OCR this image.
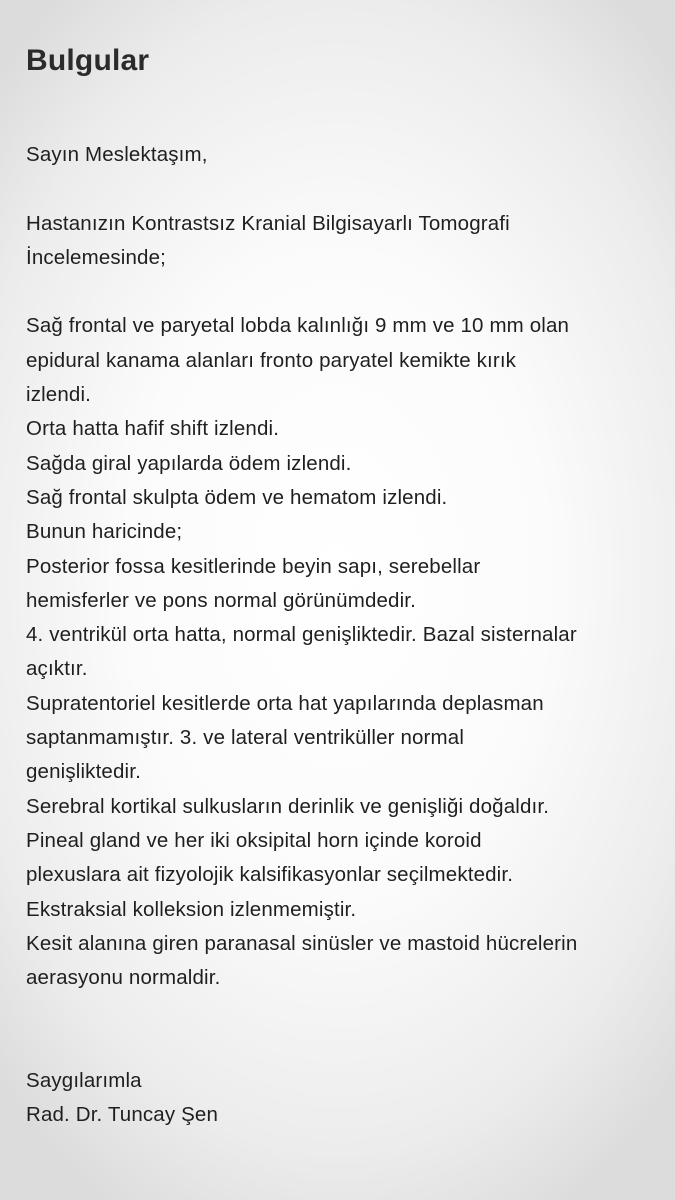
Bulgular

Sayın Meslektaşım,

Hastanızın Kontrastsız Kranial Bilgisayarlı Tomografi

İncelemesinde;

Sağ frontal ve paryetal lobda kalınlığı 9 mm ve 10 mm olan

epidural kanama alanları fronto paryatel kemikte kırık

izlendi.

Orta hatta hafif shift izlendi.

Sağda giral yapılarda ödem izlendi.

Sağ frontal skulpta ödem ve hematom izlendi.

Bunun haricinde;

Posterior fossa kesitlerinde beyin sapı, serebellar

hemisferler ve pons normal görünümdedir.

4. ventrikül orta hatta, normal genişliktedir. Bazal sisternalar

açıktır.

Supratentoriel kesitlerde orta hat yapılarında deplasman

saptanmamıştır. 3. ve lateral ventriküller normal

genişliktedir.

Serebral kortikal sulkusların derinlik ve genişliği doğaldır.

Pineal gland ve her iki oksipital horn içinde koroid

plexuslara ait fizyolojik kalsifikasyonlar seçilmektedir.

Ekstraksial kolleksion izlenmemiştir.

Kesit alanına giren paranasal sinüsler ve mastoid hücrelerin

aerasyonu normaldir.

Saygılarımla

Rad. Dr. Tuncay Şen
